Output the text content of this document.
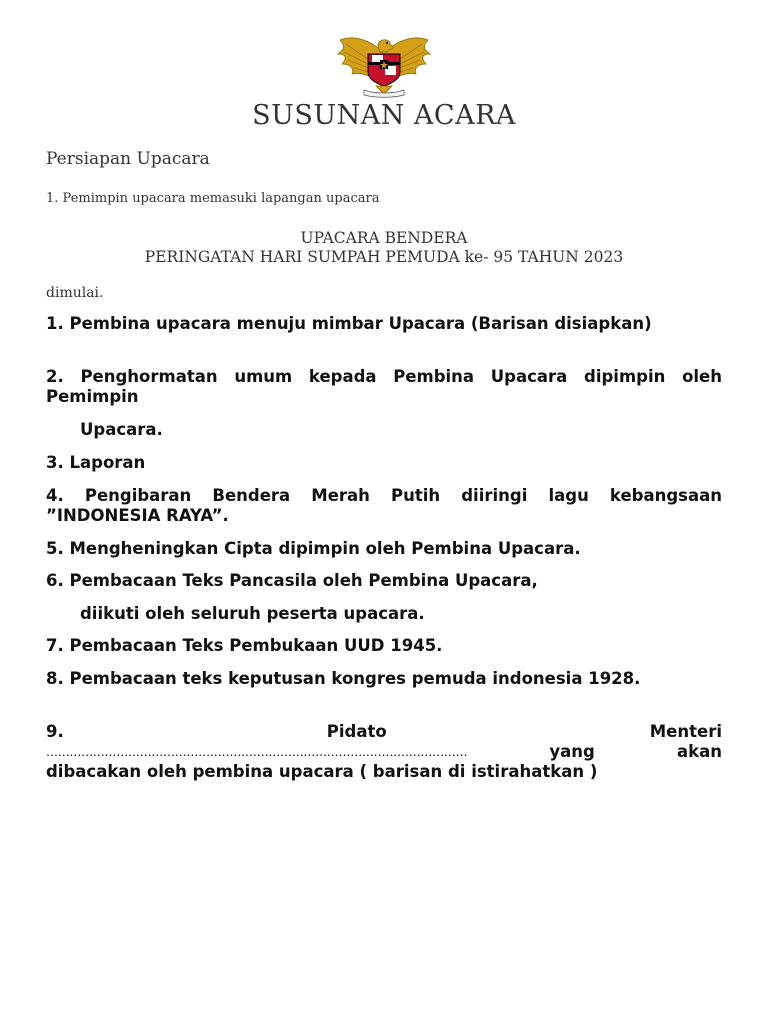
SUSUNAN ACARA
Persiapan Upacara
1. Pemimpin upacara memasuki lapangan upacara
UPACARA BENDERA
PERINGATAN HARI SUMPAH PEMUDA ke- 95 TAHUN 2023
dimulai.
1. Pembina upacara menuju mimbar Upacara (Barisan disiapkan)
2. Penghormatan umum kepada Pembina Upacara dipimpin oleh Pemimpin
Upacara.
3. Laporan
4. Pengibaran Bendera Merah Putih diiringi lagu kebangsaan ”INDONESIA RAYA”.
5. Mengheningkan Cipta dipimpin oleh Pembina Upacara.
6. Pembacaan Teks Pancasila oleh Pembina Upacara,
diikuti oleh seluruh peserta upacara.
7. Pembacaan Teks Pembukaan UUD 1945.
8. Pembacaan teks keputusan kongres pemuda indonesia 1928.
9.	Pidato	Menteri
………………………………………………………………………………………………	yang	akan
dibacakan oleh pembina upacara ( barisan di istirahatkan )
